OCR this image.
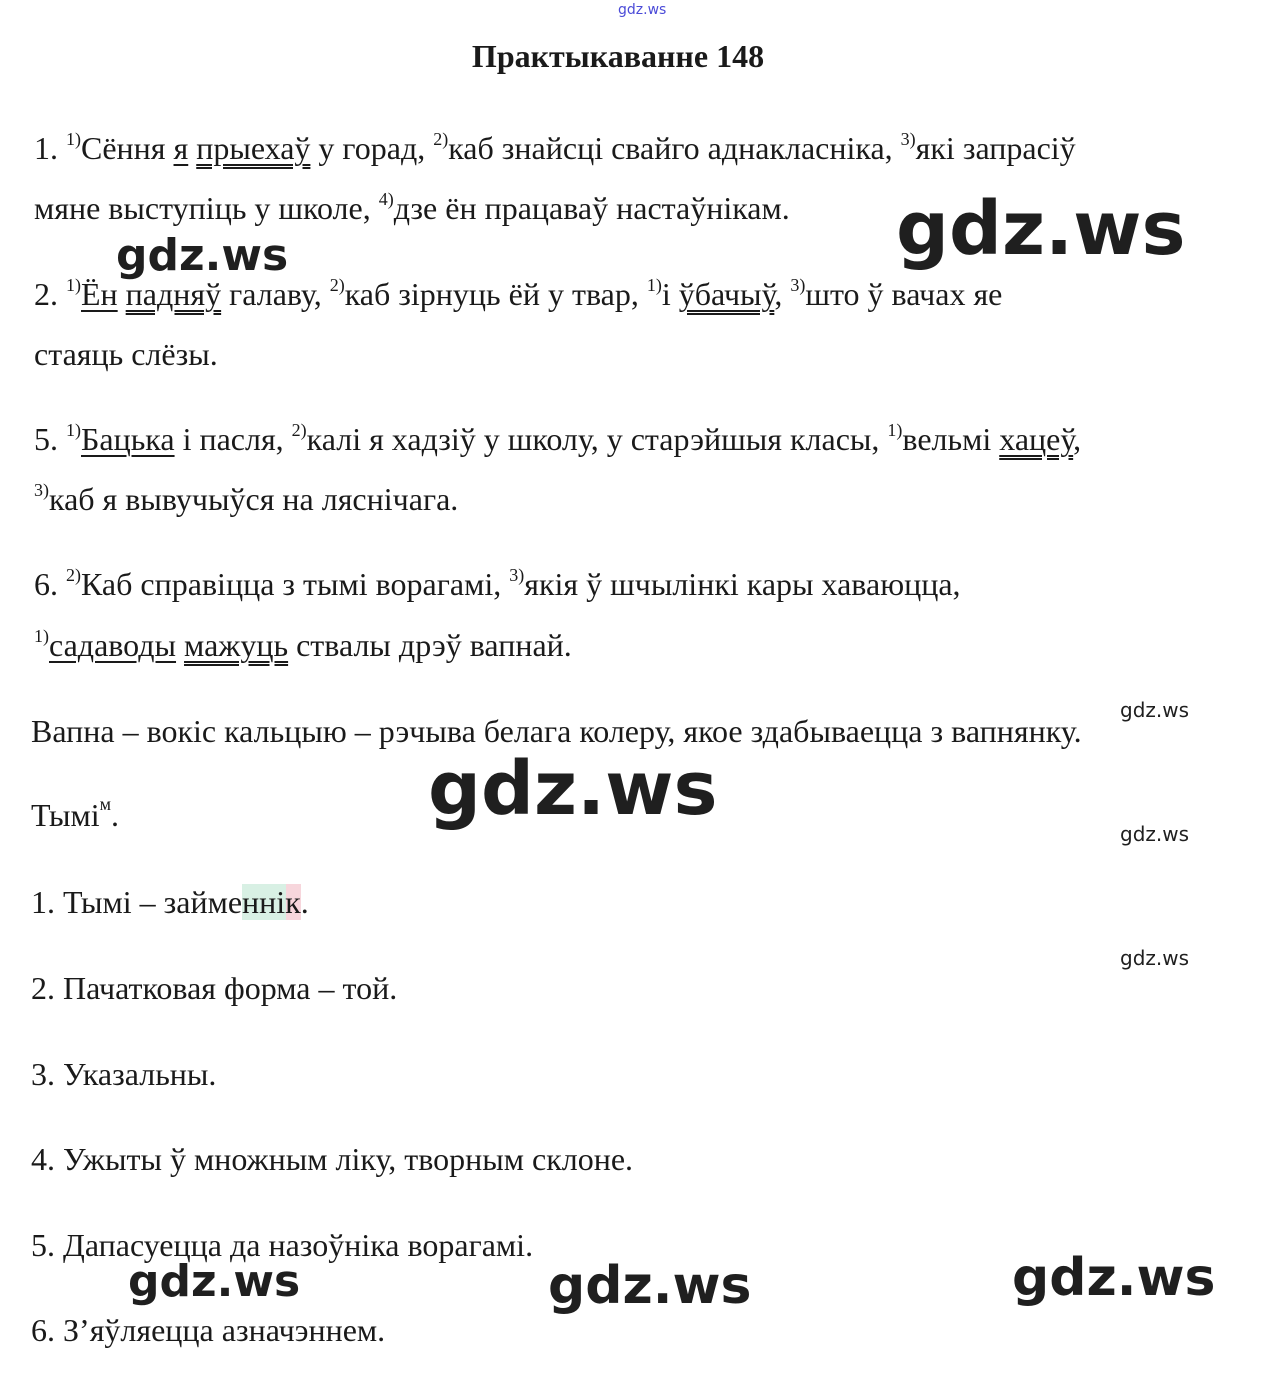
gdz.ws
gdz.ws
gdz.ws
gdz.ws
gdz.ws
gdz.ws
gdz.ws
gdz.ws	gdz.ws	gdz.ws
Практыкаванне 148
1. $^{1)}$Сёння я прыехаў у горад, $^{2)}$каб знайсці свайго аднакласніка, $^{3)}$які запрасіў
мяне выступіць у школе, $^{4)}$дзе ён працаваў настаўнікам.
2. $^{1)}$Ён падняў галаву, $^{2)}$каб зірнуць ёй у твар, $^{1)}$і ўбачыў, $^{3)}$што ў вачах яе
стаяць слёзы.
5. $^{1)}$Бацька і пасля, $^{2)}$калі я хадзіў у школу, у старэйшыя класы, $^{1)}$вельмі хацеў,
$^{3)}$каб я вывучыўся на ляснічага.
6. $^{2)}$Каб справіцца з тымі ворагамі, $^{3)}$якія ў шчылінкі кары хаваюцца,
$^{1)}$садаводы мажуць ствалы дрэў вапнай.
Вапна – вокіс кальцыю – рэчыва белага колеру, якое здабываецца з вапнянку.
Тымі$^м$.
1. Тымі – займеннік.
2. Пачатковая форма – той.
3. Указальны.
4. Ужыты ў множным ліку, творным склоне.
5. Дапасуецца да назоўніка ворагамі.
6. З’яўляецца азначэннем.
